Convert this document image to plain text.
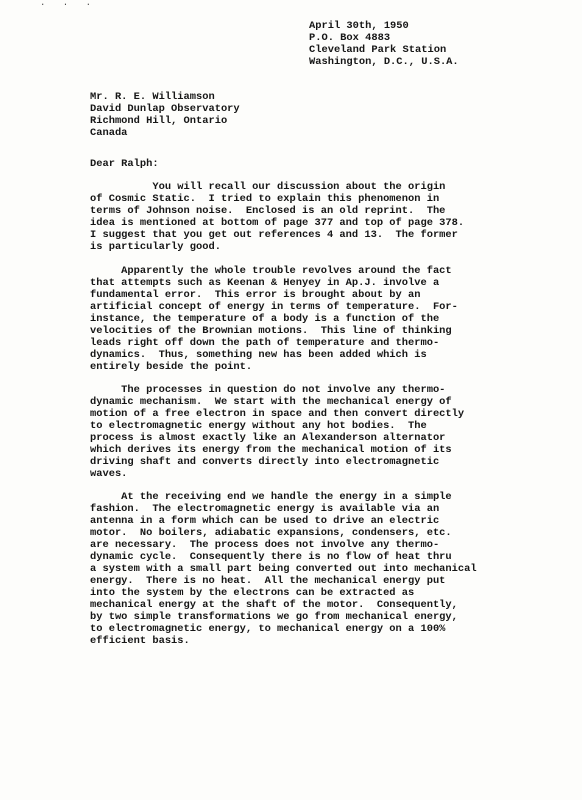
· · ·
April 30th, 1950
P.O. Box 4883
Cleveland Park Station
Washington, D.C., U.S.A.
Mr. R. E. Williamson
David Dunlap Observatory
Richmond Hill, Ontario
Canada
Dear Ralph:
You will recall our discussion about the origin
of Cosmic Static.  I tried to explain this phenomenon in
terms of Johnson noise.  Enclosed is an old reprint.  The
idea is mentioned at bottom of page 377 and top of page 378.
I suggest that you get out references 4 and 13.  The former
is particularly good.
Apparently the whole trouble revolves around the fact
that attempts such as Keenan & Henyey in Ap.J. involve a
fundamental error.  This error is brought about by an
artificial concept of energy in terms of temperature.  For-
instance, the temperature of a body is a function of the
velocities of the Brownian motions.  This line of thinking
leads right off down the path of temperature and thermo-
dynamics.  Thus, something new has been added which is
entirely beside the point.
The processes in question do not involve any thermo-
dynamic mechanism.  We start with the mechanical energy of
motion of a free electron in space and then convert directly
to electromagnetic energy without any hot bodies.  The
process is almost exactly like an Alexanderson alternator
which derives its energy from the mechanical motion of its
driving shaft and converts directly into electromagnetic
waves.
At the receiving end we handle the energy in a simple
fashion.  The electromagnetic energy is available via an
antenna in a form which can be used to drive an electric
motor.  No boilers, adiabatic expansions, condensers, etc.
are necessary.  The process does not involve any thermo-
dynamic cycle.  Consequently there is no flow of heat thru
a system with a small part being converted out into mechanical
energy.  There is no heat.  All the mechanical energy put
into the system by the electrons can be extracted as
mechanical energy at the shaft of the motor.  Consequently,
by two simple transformations we go from mechanical energy,
to electromagnetic energy, to mechanical energy on a 100%
efficient basis.
